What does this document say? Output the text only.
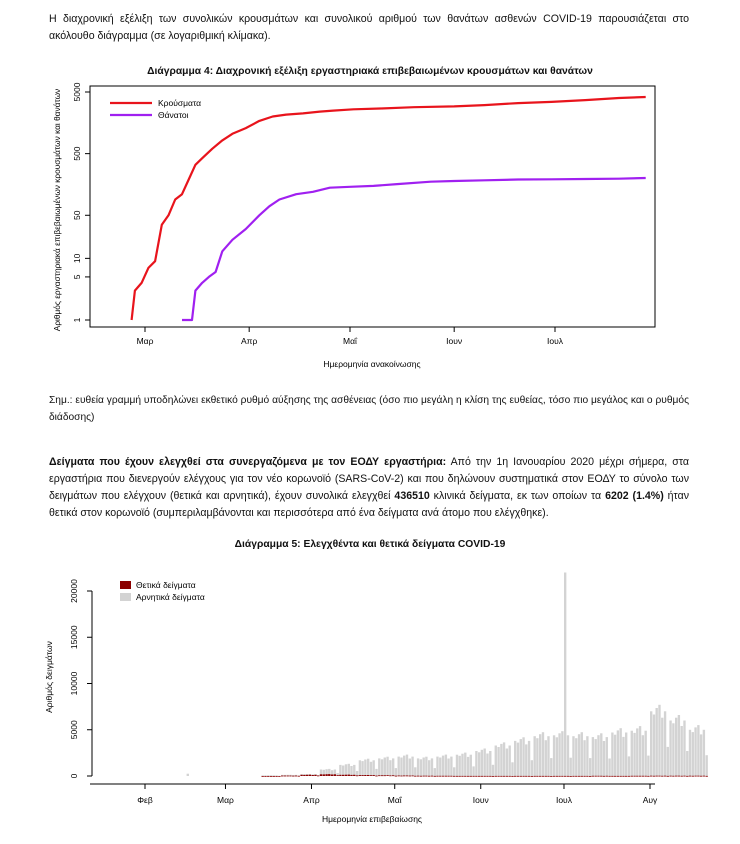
Η διαχρονική εξέλιξη των συνολικών κρουσμάτων και συνολικού αριθμού των θανάτων ασθενών COVID-19 παρουσιάζεται στο ακόλουθο διάγραμμα (σε λογαριθμική κλίμακα).
Διάγραμμα 4: Διαχρονική εξέλιξη εργαστηριακά επιβεβαιωμένων κρουσμάτων και θανάτων
1
5
10
50
500
5000
Μαρ	Απρ	Μαΐ	Ιουν	Ιουλ
Ημερομηνία ανακοίνωσης
Αριθμός εργαστηριακά επιβεβαιωμένων κρουσμάτων και θανάτων	Κρούσματα
Θάνατοι
Σημ.: ευθεία γραμμή υποδηλώνει εκθετικό ρυθμό αύξησης της ασθένειας (όσο πιο μεγάλη η κλίση της ευθείας, τόσο πιο μεγάλος και ο ρυθμός διάδοσης)
Δείγματα που έχουν ελεγχθεί στα συνεργαζόμενα με τον ΕΟΔΥ εργαστήρια: Από την 1η Ιανουαρίου 2020 μέχρι σήμερα, στα εργαστήρια που διενεργούν ελέγχους για τον νέο κορωνοϊό (SARS-CoV-2) και που δηλώνουν συστηματικά στον ΕΟΔΥ το σύνολο των δειγμάτων που ελέγχουν (θετικά και αρνητικά), έχουν συνολικά ελεγχθεί 436510 κλινικά δείγματα, εκ των οποίων τα 6202 (1.4%) ήταν θετικά στον κορωνοϊό (συμπεριλαμβάνονται και περισσότερα από ένα δείγματα ανά άτομο που ελέγχθηκε).
Διάγραμμα 5: Ελεγχθέντα και θετικά δείγματα COVID-19
0
5000
10000
15000
20000
Φεβ	Μαρ	Απρ	Μαΐ	Ιουν	Ιουλ	Αυγ
Ημερομηνία επιβεβαίωσης
Αριθμός δειγμάτων
Θετικά δείγματα
Αρνητικά δείγματα
